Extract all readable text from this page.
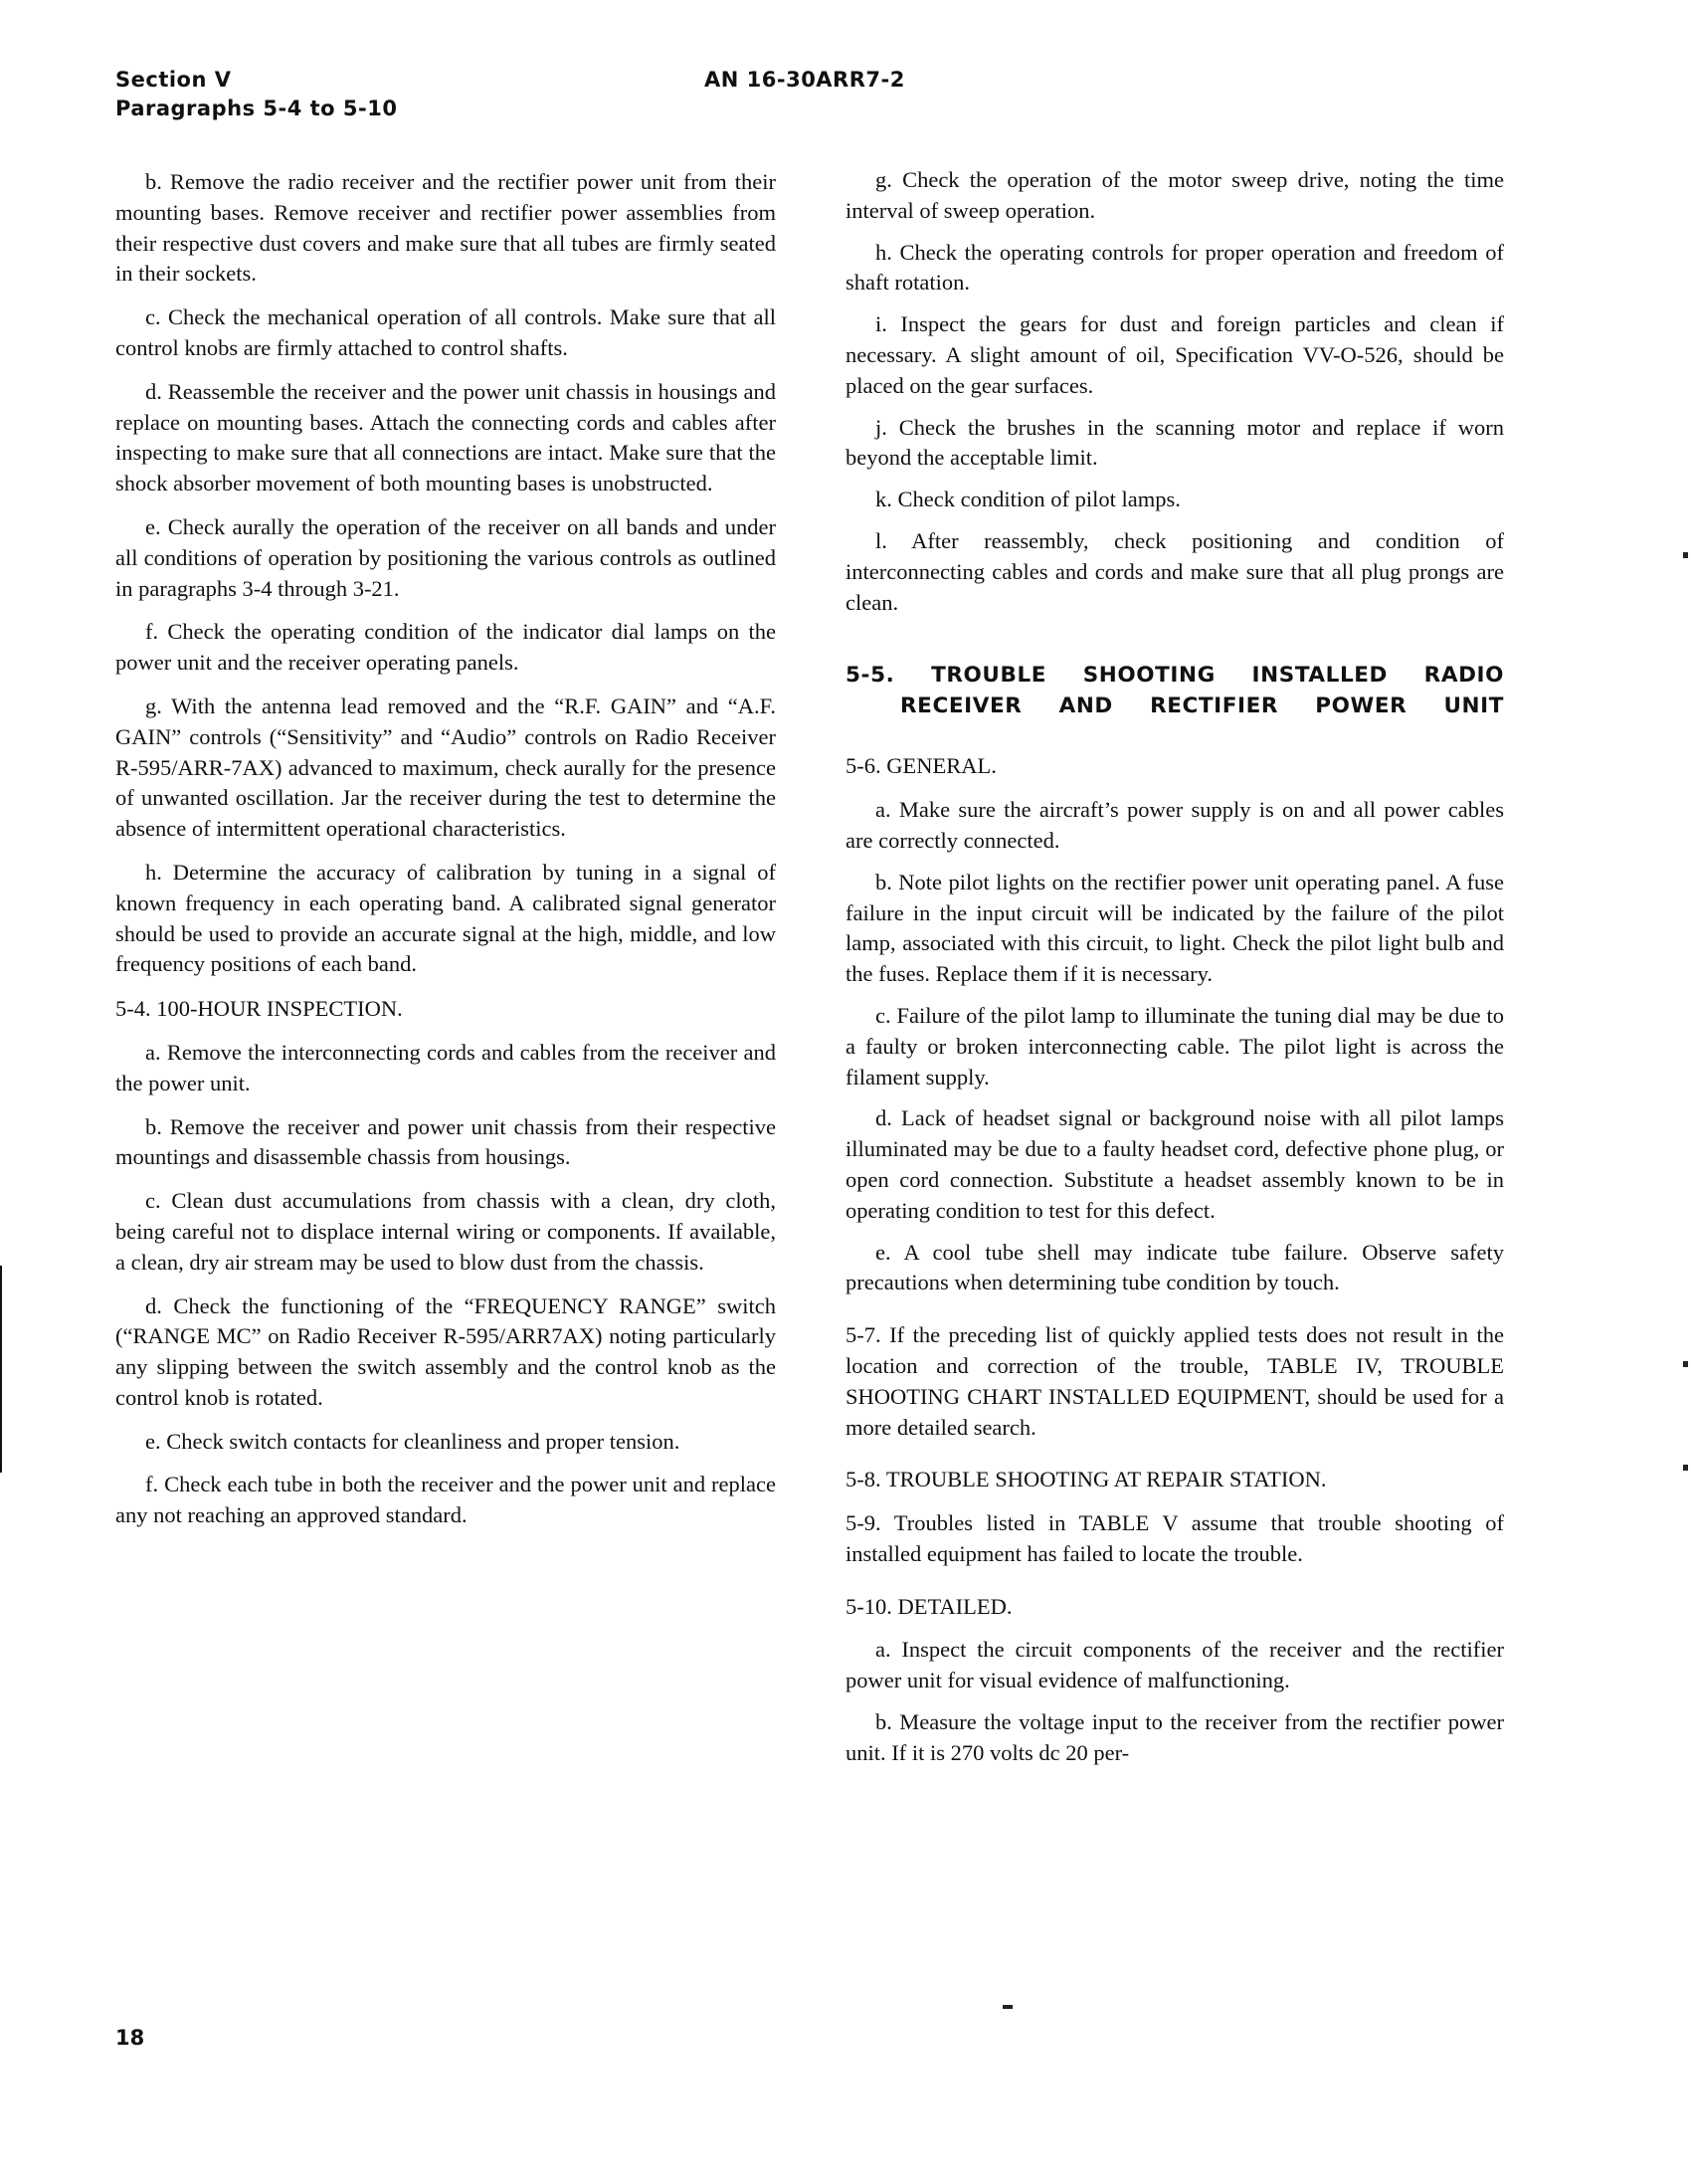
Section V
Paragraphs 5-4 to 5-10
AN 16-30ARR7-2

b. Remove the radio receiver and the rectifier power unit from their mounting bases. Remove receiver and rectifier power assemblies from their respective dust covers and make sure that all tubes are firmly seated in their sockets.

c. Check the mechanical operation of all controls. Make sure that all control knobs are firmly attached to control shafts.

d. Reassemble the receiver and the power unit chassis in housings and replace on mounting bases. Attach the connecting cords and cables after inspecting to make sure that all connections are intact. Make sure that the shock absorber movement of both mounting bases is unobstructed.

e. Check aurally the operation of the receiver on all bands and under all conditions of operation by positioning the various controls as outlined in paragraphs 3-4 through 3-21.

f. Check the operating condition of the indicator dial lamps on the power unit and the receiver operating panels.

g. With the antenna lead removed and the “R.F. GAIN” and “A.F. GAIN” controls (“Sensitivity” and “Audio” controls on Radio Receiver R-595/ARR-7AX) advanced to maximum, check aurally for the presence of unwanted oscillation. Jar the receiver during the test to determine the absence of intermittent operational characteristics.

h. Determine the accuracy of calibration by tuning in a signal of known frequency in each operating band. A calibrated signal generator should be used to provide an accurate signal at the high, middle, and low frequency positions of each band.

5-4. 100-HOUR INSPECTION.

a. Remove the interconnecting cords and cables from the receiver and the power unit.

b. Remove the receiver and power unit chassis from their respective mountings and disassemble chassis from housings.

c. Clean dust accumulations from chassis with a clean, dry cloth, being careful not to displace internal wiring or components. If available, a clean, dry air stream may be used to blow dust from the chassis.

d. Check the functioning of the “FREQUENCY RANGE” switch (“RANGE MC” on Radio Receiver R-595/ARR7AX) noting particularly any slipping between the switch assembly and the control knob as the control knob is rotated.

e. Check switch contacts for cleanliness and proper tension.

f. Check each tube in both the receiver and the power unit and replace any not reaching an approved standard.

g. Check the operation of the motor sweep drive, noting the time interval of sweep operation.

h. Check the operating controls for proper operation and freedom of shaft rotation.

i. Inspect the gears for dust and foreign particles and clean if necessary. A slight amount of oil, Specification VV-O-526, should be placed on the gear surfaces.

j. Check the brushes in the scanning motor and replace if worn beyond the acceptable limit.

k. Check condition of pilot lamps.

l. After reassembly, check positioning and condition of interconnecting cables and cords and make sure that all plug prongs are clean.

5-5. TROUBLE SHOOTING INSTALLED RADIO
RECEIVER AND RECTIFIER POWER UNIT

5-6. GENERAL.

a. Make sure the aircraft’s power supply is on and all power cables are correctly connected.

b. Note pilot lights on the rectifier power unit operating panel. A fuse failure in the input circuit will be indicated by the failure of the pilot lamp, associated with this circuit, to light. Check the pilot light bulb and the fuses. Replace them if it is necessary.

c. Failure of the pilot lamp to illuminate the tuning dial may be due to a faulty or broken interconnecting cable. The pilot light is across the filament supply.

d. Lack of headset signal or background noise with all pilot lamps illuminated may be due to a faulty headset cord, defective phone plug, or open cord connection. Substitute a headset assembly known to be in operating condition to test for this defect.

e. A cool tube shell may indicate tube failure. Observe safety precautions when determining tube condition by touch.

5-7. If the preceding list of quickly applied tests does not result in the location and correction of the trouble, TABLE IV, TROUBLE SHOOTING CHART INSTALLED EQUIPMENT, should be used for a more detailed search.

5-8. TROUBLE SHOOTING AT REPAIR STATION.

5-9. Troubles listed in TABLE V assume that trouble shooting of installed equipment has failed to locate the trouble.

5-10. DETAILED.

a. Inspect the circuit components of the receiver and the rectifier power unit for visual evidence of malfunctioning.

b. Measure the voltage input to the receiver from the rectifier power unit. If it is 270 volts dc 20 per-

18
